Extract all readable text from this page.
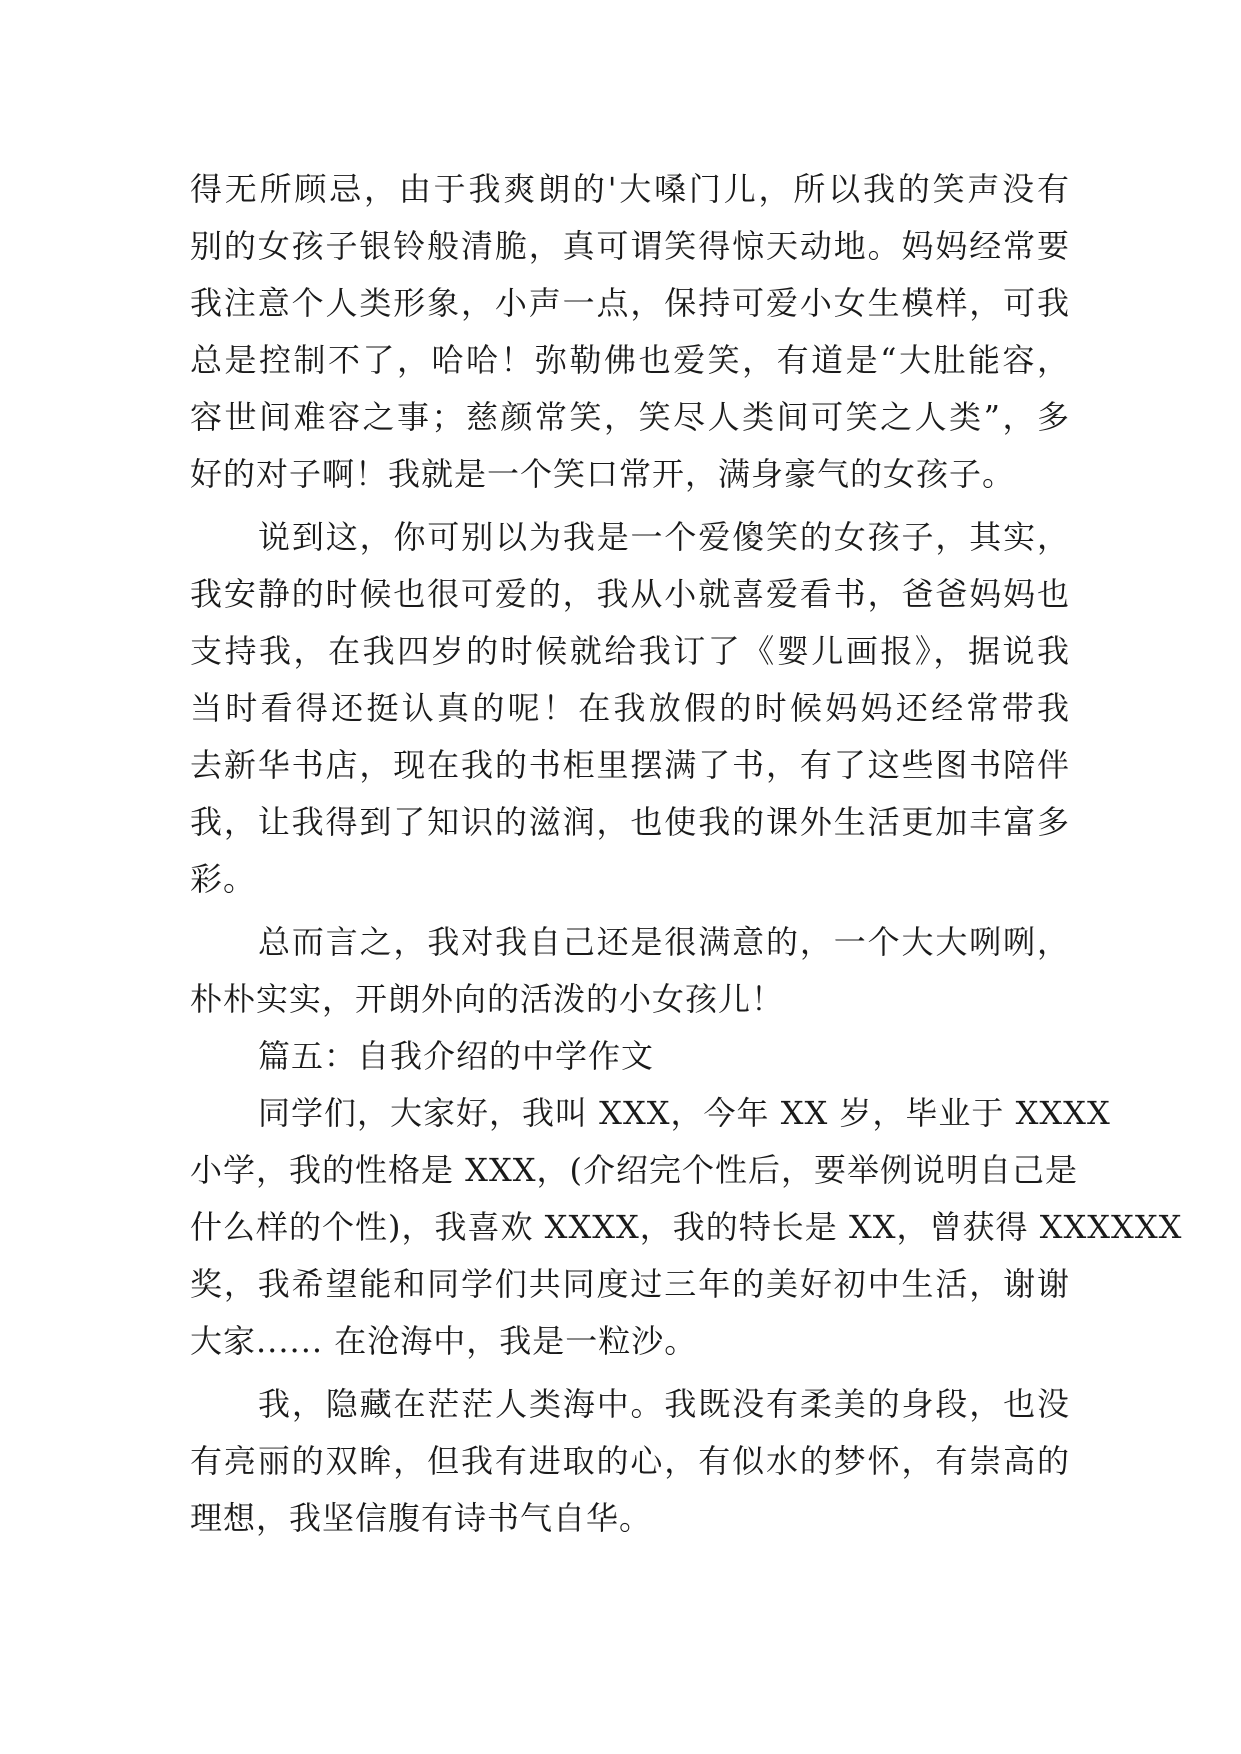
得无所顾忌，由于我爽朗的'大嗓门儿，所以我的笑声没有
别的女孩子银铃般清脆，真可谓笑得惊天动地。妈妈经常要
我注意个人类形象，小声一点，保持可爱小女生模样，可我
总是控制不了，哈哈！弥勒佛也爱笑，有道是“大肚能容，
容世间难容之事；慈颜常笑，笑尽人类间可笑之人类”，多
好的对子啊！我就是一个笑口常开，满身豪气的女孩子。
说到这，你可别以为我是一个爱傻笑的女孩子，其实，
我安静的时候也很可爱的，我从小就喜爱看书，爸爸妈妈也
支持我，在我四岁的时候就给我订了《婴儿画报》，据说我
当时看得还挺认真的呢！在我放假的时候妈妈还经常带我
去新华书店，现在我的书柜里摆满了书，有了这些图书陪伴
我，让我得到了知识的滋润，也使我的课外生活更加丰富多
彩。
总而言之，我对我自己还是很满意的，一个大大咧咧，
朴朴实实，开朗外向的活泼的小女孩儿！
篇五：自我介绍的中学作文
同学们，大家好，我叫 XXX，今年 XX 岁，毕业于 XXXX
小学，我的性格是 XXX，(介绍完个性后，要举例说明自己是
什么样的个性)，我喜欢 XXXX，我的特长是 XX，曾获得 XXXXXX
奖，我希望能和同学们共同度过三年的美好初中生活，谢谢
大家...... 在沧海中，我是一粒沙。
我，隐藏在茫茫人类海中。我既没有柔美的身段，也没
有亮丽的双眸，但我有进取的心，有似水的梦怀，有崇高的
理想，我坚信腹有诗书气自华。
